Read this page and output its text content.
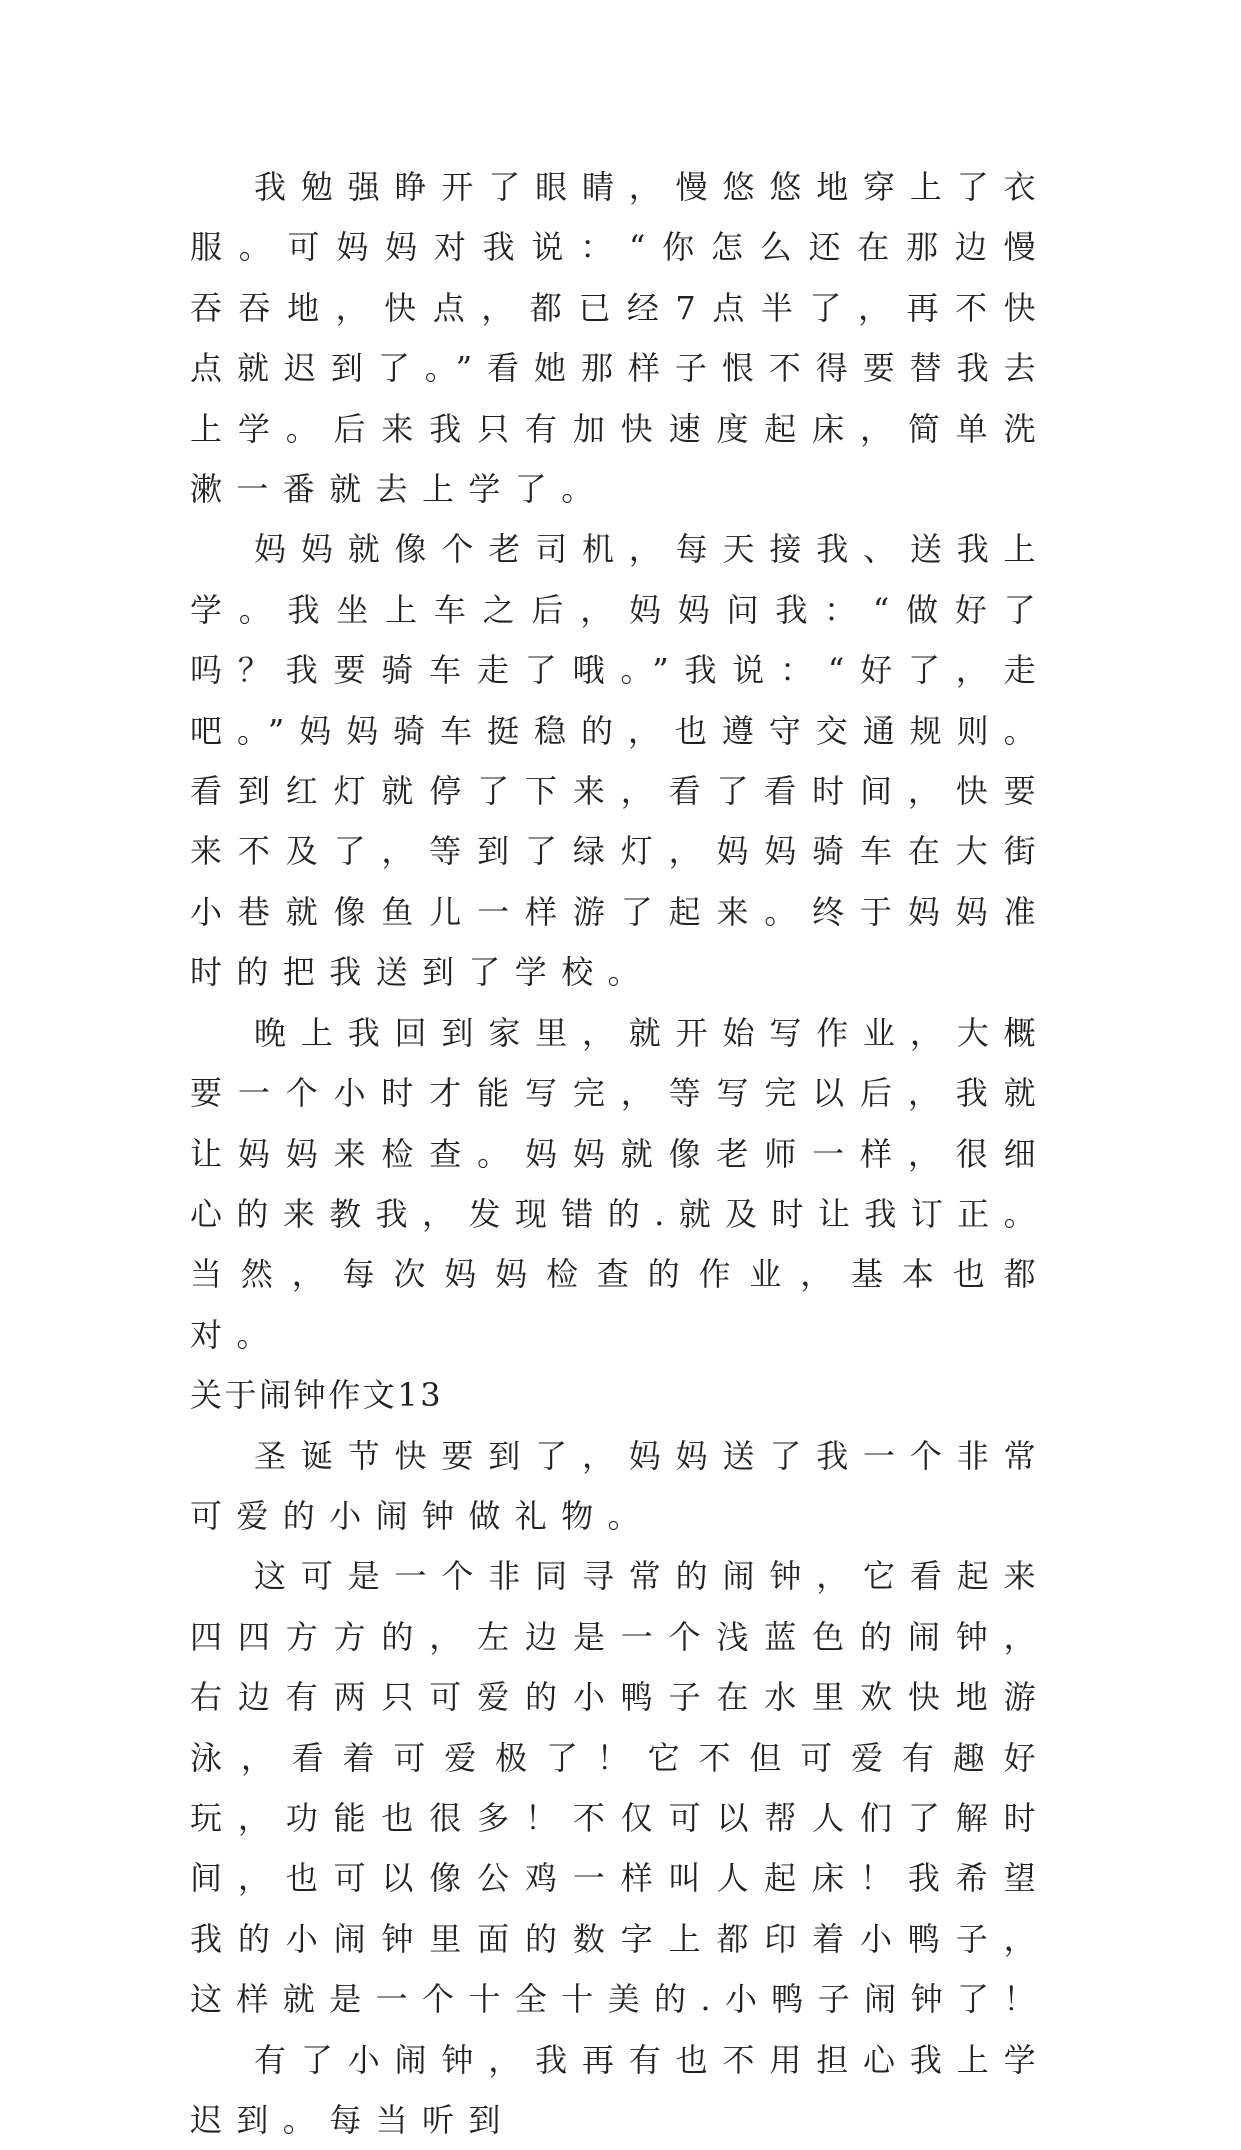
我勉强睁开了眼睛，慢悠悠地穿上了衣服。可妈妈对我说：“你怎么还在那边慢吞吞地，快点，都已经7点半了，再不快点就迟到了。”看她那样子恨不得要替我去上学。后来我只有加快速度起床，简单洗漱一番就去上学了。

妈妈就像个老司机，每天接我、送我上学。我坐上车之后，妈妈问我：“做好了吗？我要骑车走了哦。”我说：“好了，走吧。”妈妈骑车挺稳的，也遵守交通规则。看到红灯就停了下来，看了看时间，快要来不及了，等到了绿灯，妈妈骑车在大街小巷就像鱼儿一样游了起来。终于妈妈准时的把我送到了学校。

晚上我回到家里，就开始写作业，大概要一个小时才能写完，等写完以后，我就让妈妈来检查。妈妈就像老师一样，很细心的来教我，发现错的.就及时让我订正。当然，每次妈妈检查的作业，基本也都对。

关于闹钟作文13

圣诞节快要到了，妈妈送了我一个非常可爱的小闹钟做礼物。

这可是一个非同寻常的闹钟，它看起来四四方方的，左边是一个浅蓝色的闹钟，右边有两只可爱的小鸭子在水里欢快地游泳，看着可爱极了！它不但可爱有趣好玩，功能也很多！不仅可以帮人们了解时间，也可以像公鸡一样叫人起床！我希望我的小闹钟里面的数字上都印着小鸭子，这样就是一个十全十美的.小鸭子闹钟了！

有了小闹钟，我再有也不用担心我上学迟到。每当听到
